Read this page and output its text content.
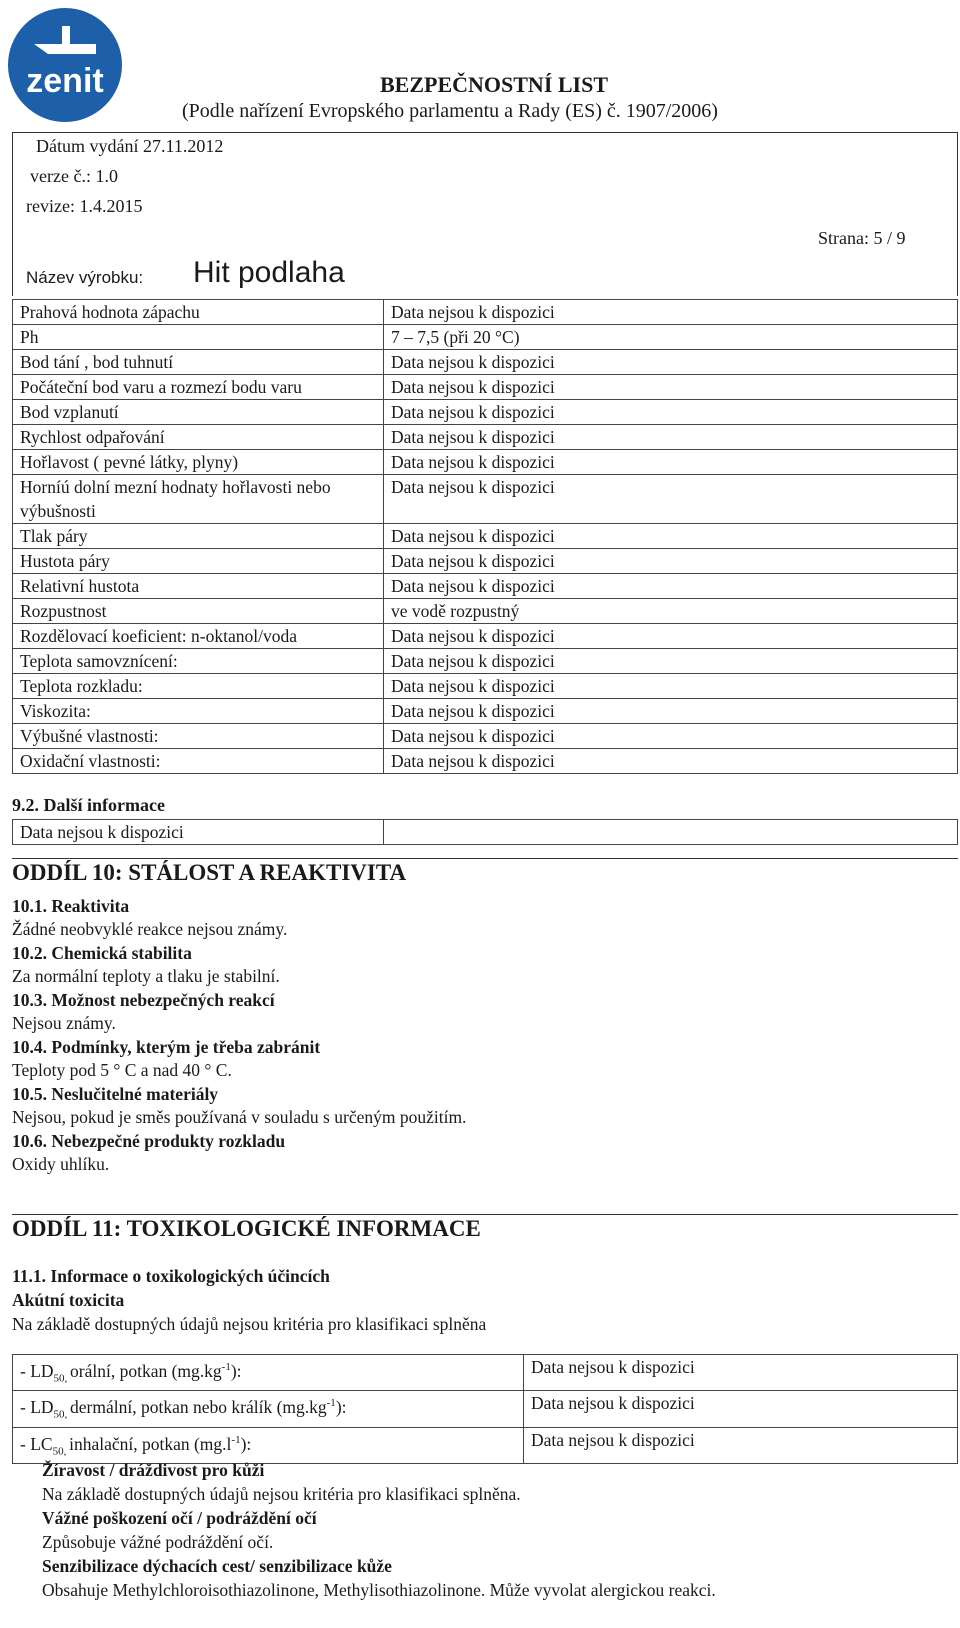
zenit	BEZPEČNOSTNÍ LIST
(Podle nařízení Evropského parlamentu a Rady (ES) č. 1907/2006)
Dátum vydání 27.11.2012
verze č.: 1.0
revize: 1.4.2015
Strana: 5 / 9
Název výrobku: Hit podlaha
Prahová hodnota zápachu	Data nejsou k dispozici
Ph	7 – 7,5 (při 20 °C)
Bod tání , bod tuhnutí	Data nejsou k dispozici
Počáteční bod varu a rozmezí bodu varu	Data nejsou k dispozici
Bod vzplanutí	Data nejsou k dispozici
Rychlost odpařování	Data nejsou k dispozici
Hořlavost ( pevné látky, plyny)	Data nejsou k dispozici
Horníú dolní mezní hodnaty hořlavosti nebo výbušnosti	Data nejsou k dispozici
Tlak páry	Data nejsou k dispozici
Hustota páry	Data nejsou k dispozici
Relativní hustota	Data nejsou k dispozici
Rozpustnost	ve vodě rozpustný
Rozdělovací koeficient: n-oktanol/voda	Data nejsou k dispozici
Teplota samovznícení:	Data nejsou k dispozici
Teplota rozkladu:	Data nejsou k dispozici
Viskozita:	Data nejsou k dispozici
Výbušné vlastnosti:	Data nejsou k dispozici
Oxidační vlastnosti:	Data nejsou k dispozici
9.2. Další informace
Data nejsou k dispozici	
ODDÍL 10: STÁLOST A REAKTIVITA
10.1. Reaktivita
Žádné neobvyklé reakce nejsou známy.
10.2. Chemická stabilita
Za normální teploty a tlaku je stabilní.
10.3. Možnost nebezpečných reakcí
Nejsou známy.
10.4. Podmínky, kterým je třeba zabránit
Teploty pod 5 ° C a nad 40 ° C.
10.5. Neslučitelné materiály
Nejsou, pokud je směs používaná v souladu s určeným použitím.
10.6. Nebezpečné produkty rozkladu
Oxidy uhlíku.
ODDÍL 11: TOXIKOLOGICKÉ INFORMACE
11.1. Informace o toxikologických účincích
Akútní toxicita
Na základě dostupných údajů nejsou kritéria pro klasifikaci splněna
- $LD_{50,}$ orální, potkan $(mg.kg^{-1})$:	Data nejsou k dispozici
- $LD_{50,}$ dermální, potkan nebo králík $(mg.kg^{-1})$:	Data nejsou k dispozici
- $LC_{50,}$ inhalační, potkan $(mg.l^{-1})$:	Data nejsou k dispozici
Žíravost / dráždivost pro kůži
Na základě dostupných údajů nejsou kritéria pro klasifikaci splněna.
Vážné poškození očí / podráždění očí
Způsobuje vážné podráždění očí.
Senzibilizace dýchacích cest/ senzibilizace kůže
Obsahuje Methylchloroisothiazolinone, Methylisothiazolinone. Může vyvolat alergickou reakci.
